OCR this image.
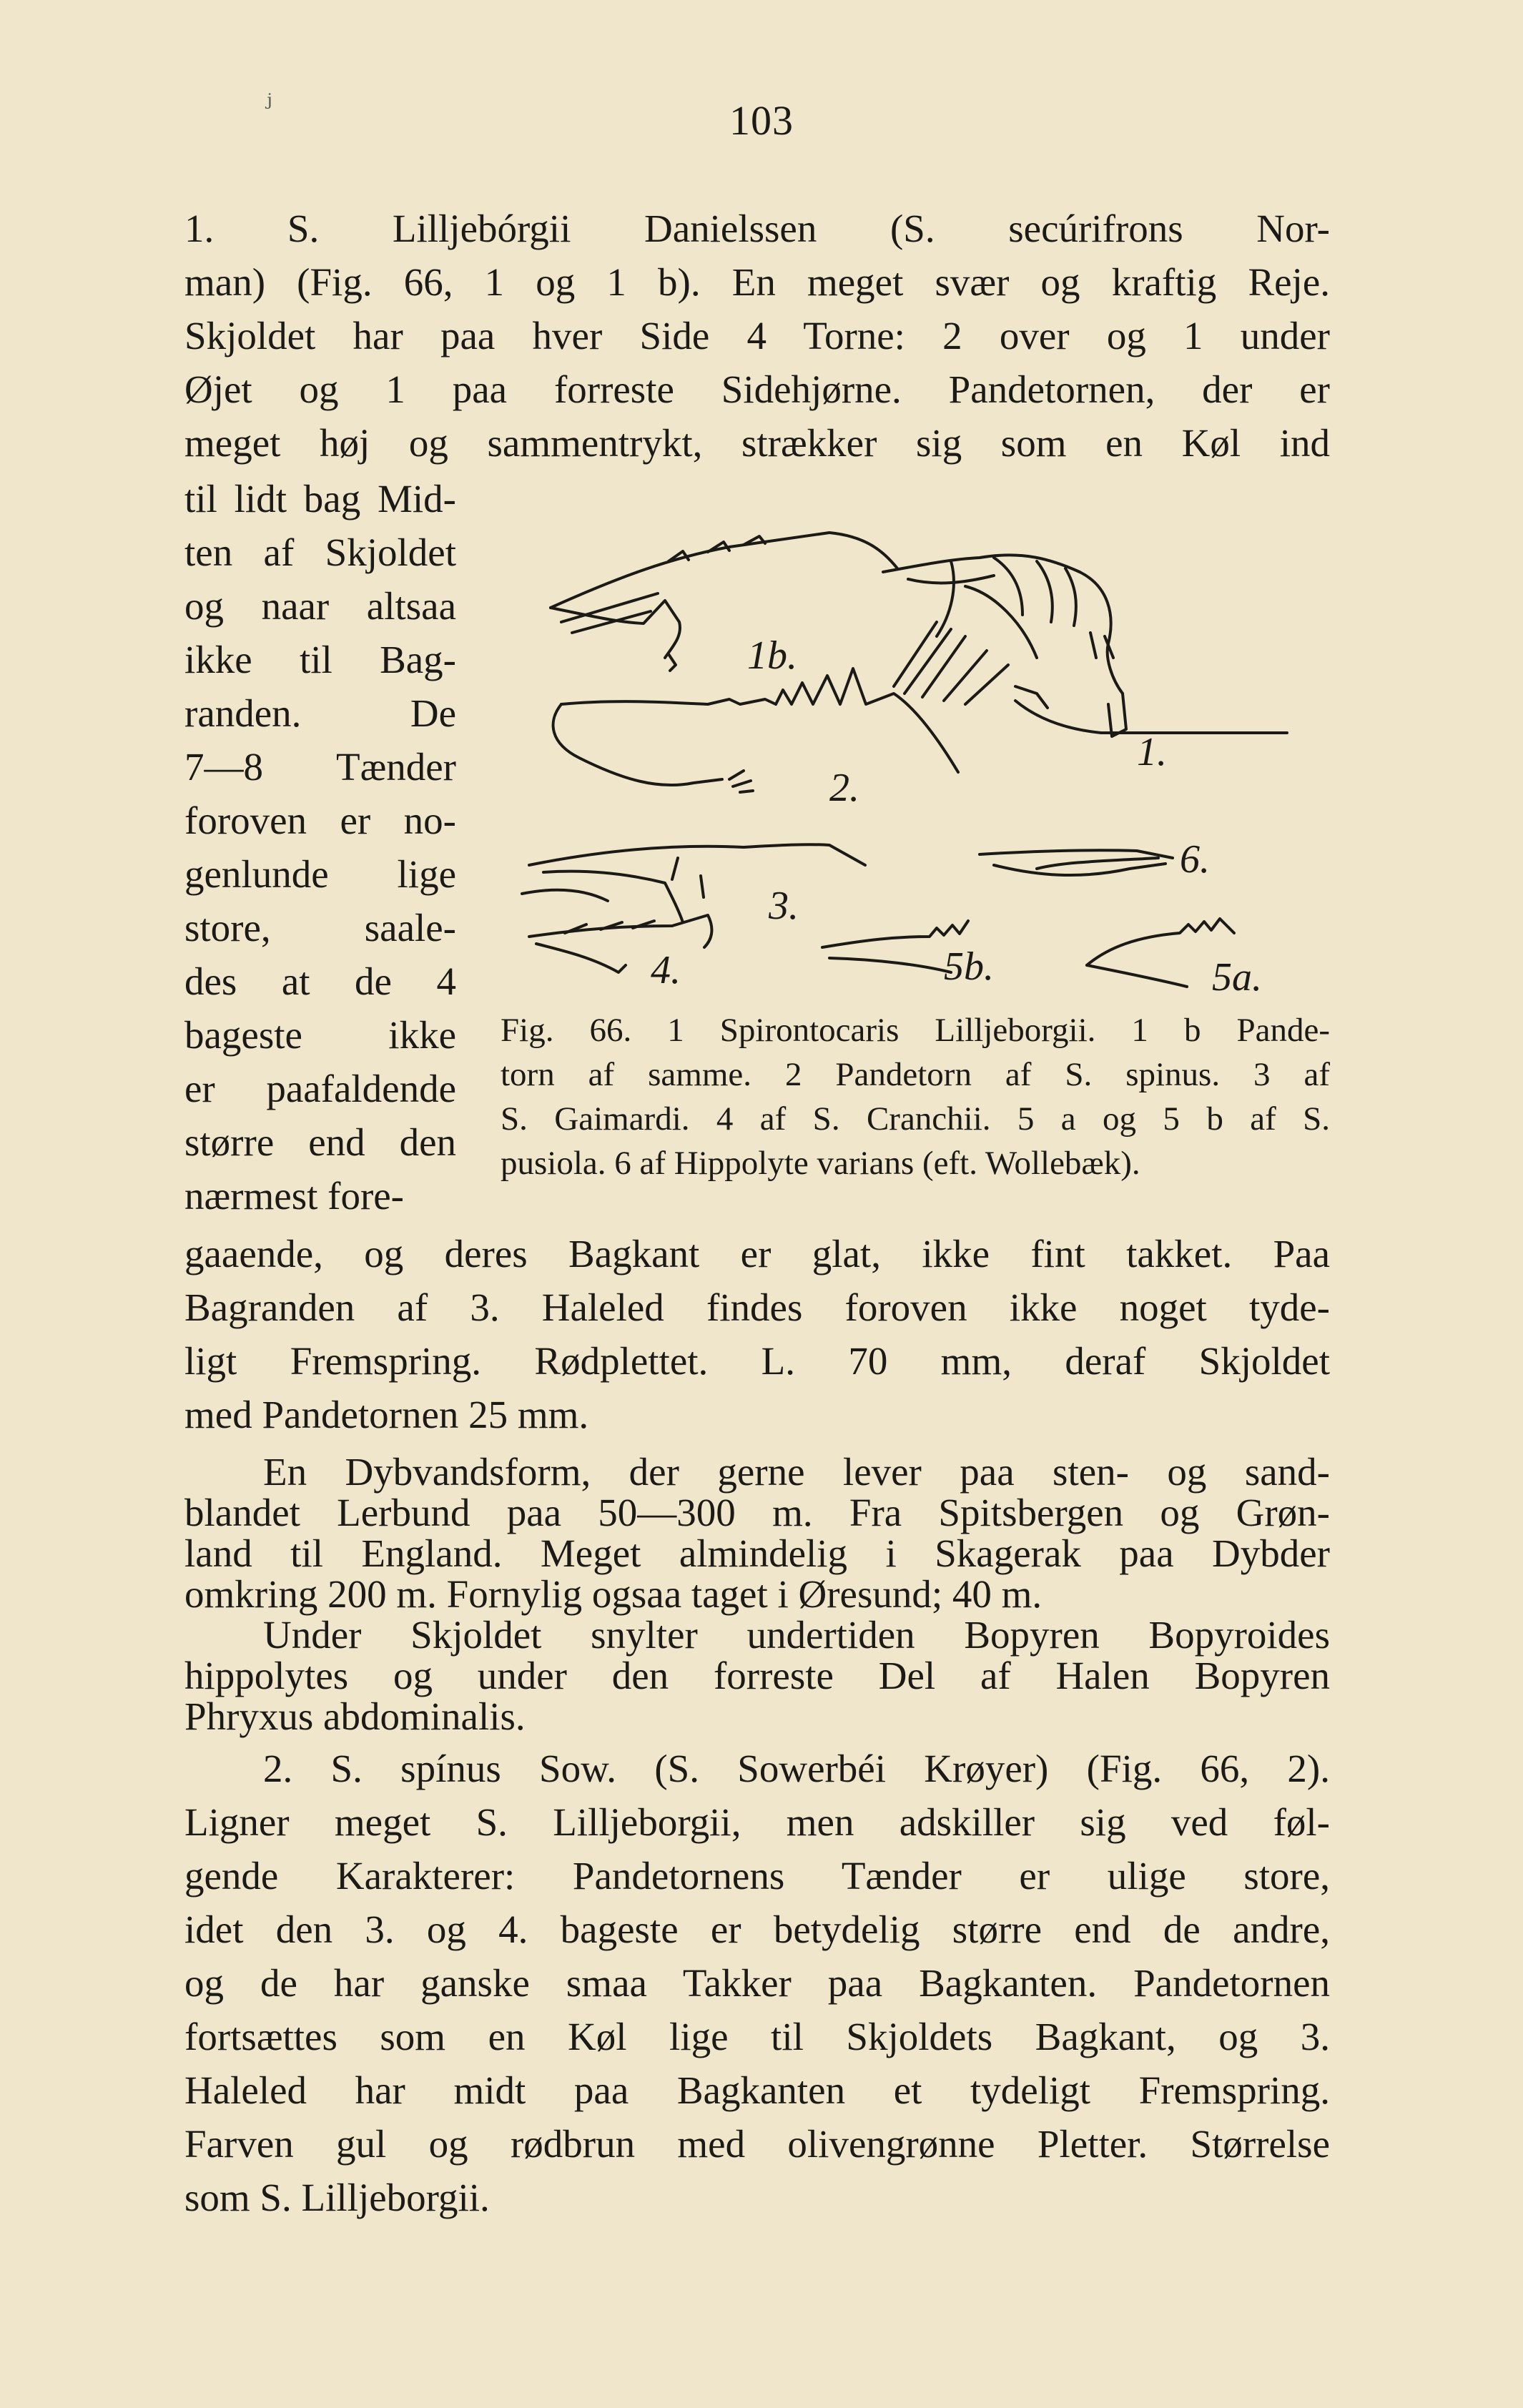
ⱼ
103
1. S. Lilljebórgii Danielssen (S. secúrifrons Nor-
man) (Fig. 66, 1 og 1 b). En meget svær og kraftig Reje.
Skjoldet har paa hver Side 4 Torne: 2 over og 1 under
Øjet og 1 paa forreste Sidehjørne. Pandetornen, der er
meget høj og sammentrykt, strækker sig som en Køl ind
til lidt bag Mid-
ten af Skjoldet
og naar altsaa
ikke til Bag-
randen. De
7—8 Tænder
foroven er no-
genlunde lige
store, saale-
des at de 4
bageste ikke
er paafaldende
større end den
nærmest fore-
1b.
1.
2.
3.
4.	5b.	5a.
6.
Fig. 66. 1 Spirontocaris Lilljeborgii. 1 b Pande-
torn af samme. 2 Pandetorn af S. spinus. 3 af
S. Gaimardi. 4 af S. Cranchii. 5 a og 5 b af S.
pusiola. 6 af Hippolyte varians (eft. Wollebæk).
gaaende, og deres Bagkant er glat, ikke fint takket. Paa
Bagranden af 3. Haleled findes foroven ikke noget tyde-
ligt Fremspring. Rødplettet. L. 70 mm, deraf Skjoldet
med Pandetornen 25 mm.
En Dybvandsform, der gerne lever paa sten- og sand-
blandet Lerbund paa 50—300 m. Fra Spitsbergen og Grøn-
land til England. Meget almindelig i Skagerak paa Dybder
omkring 200 m. Fornylig ogsaa taget i Øresund; 40 m.
Under Skjoldet snylter undertiden Bopyren Bopyroides
hippolytes og under den forreste Del af Halen Bopyren
Phryxus abdominalis.
2. S. spínus Sow. (S. Sowerbéi Krøyer) (Fig. 66, 2).
Ligner meget S. Lilljeborgii, men adskiller sig ved føl-
gende Karakterer: Pandetornens Tænder er ulige store,
idet den 3. og 4. bageste er betydelig større end de andre,
og de har ganske smaa Takker paa Bagkanten. Pandetornen
fortsættes som en Køl lige til Skjoldets Bagkant, og 3.
Haleled har midt paa Bagkanten et tydeligt Fremspring.
Farven gul og rødbrun med olivengrønne Pletter. Størrelse
som S. Lilljeborgii.
